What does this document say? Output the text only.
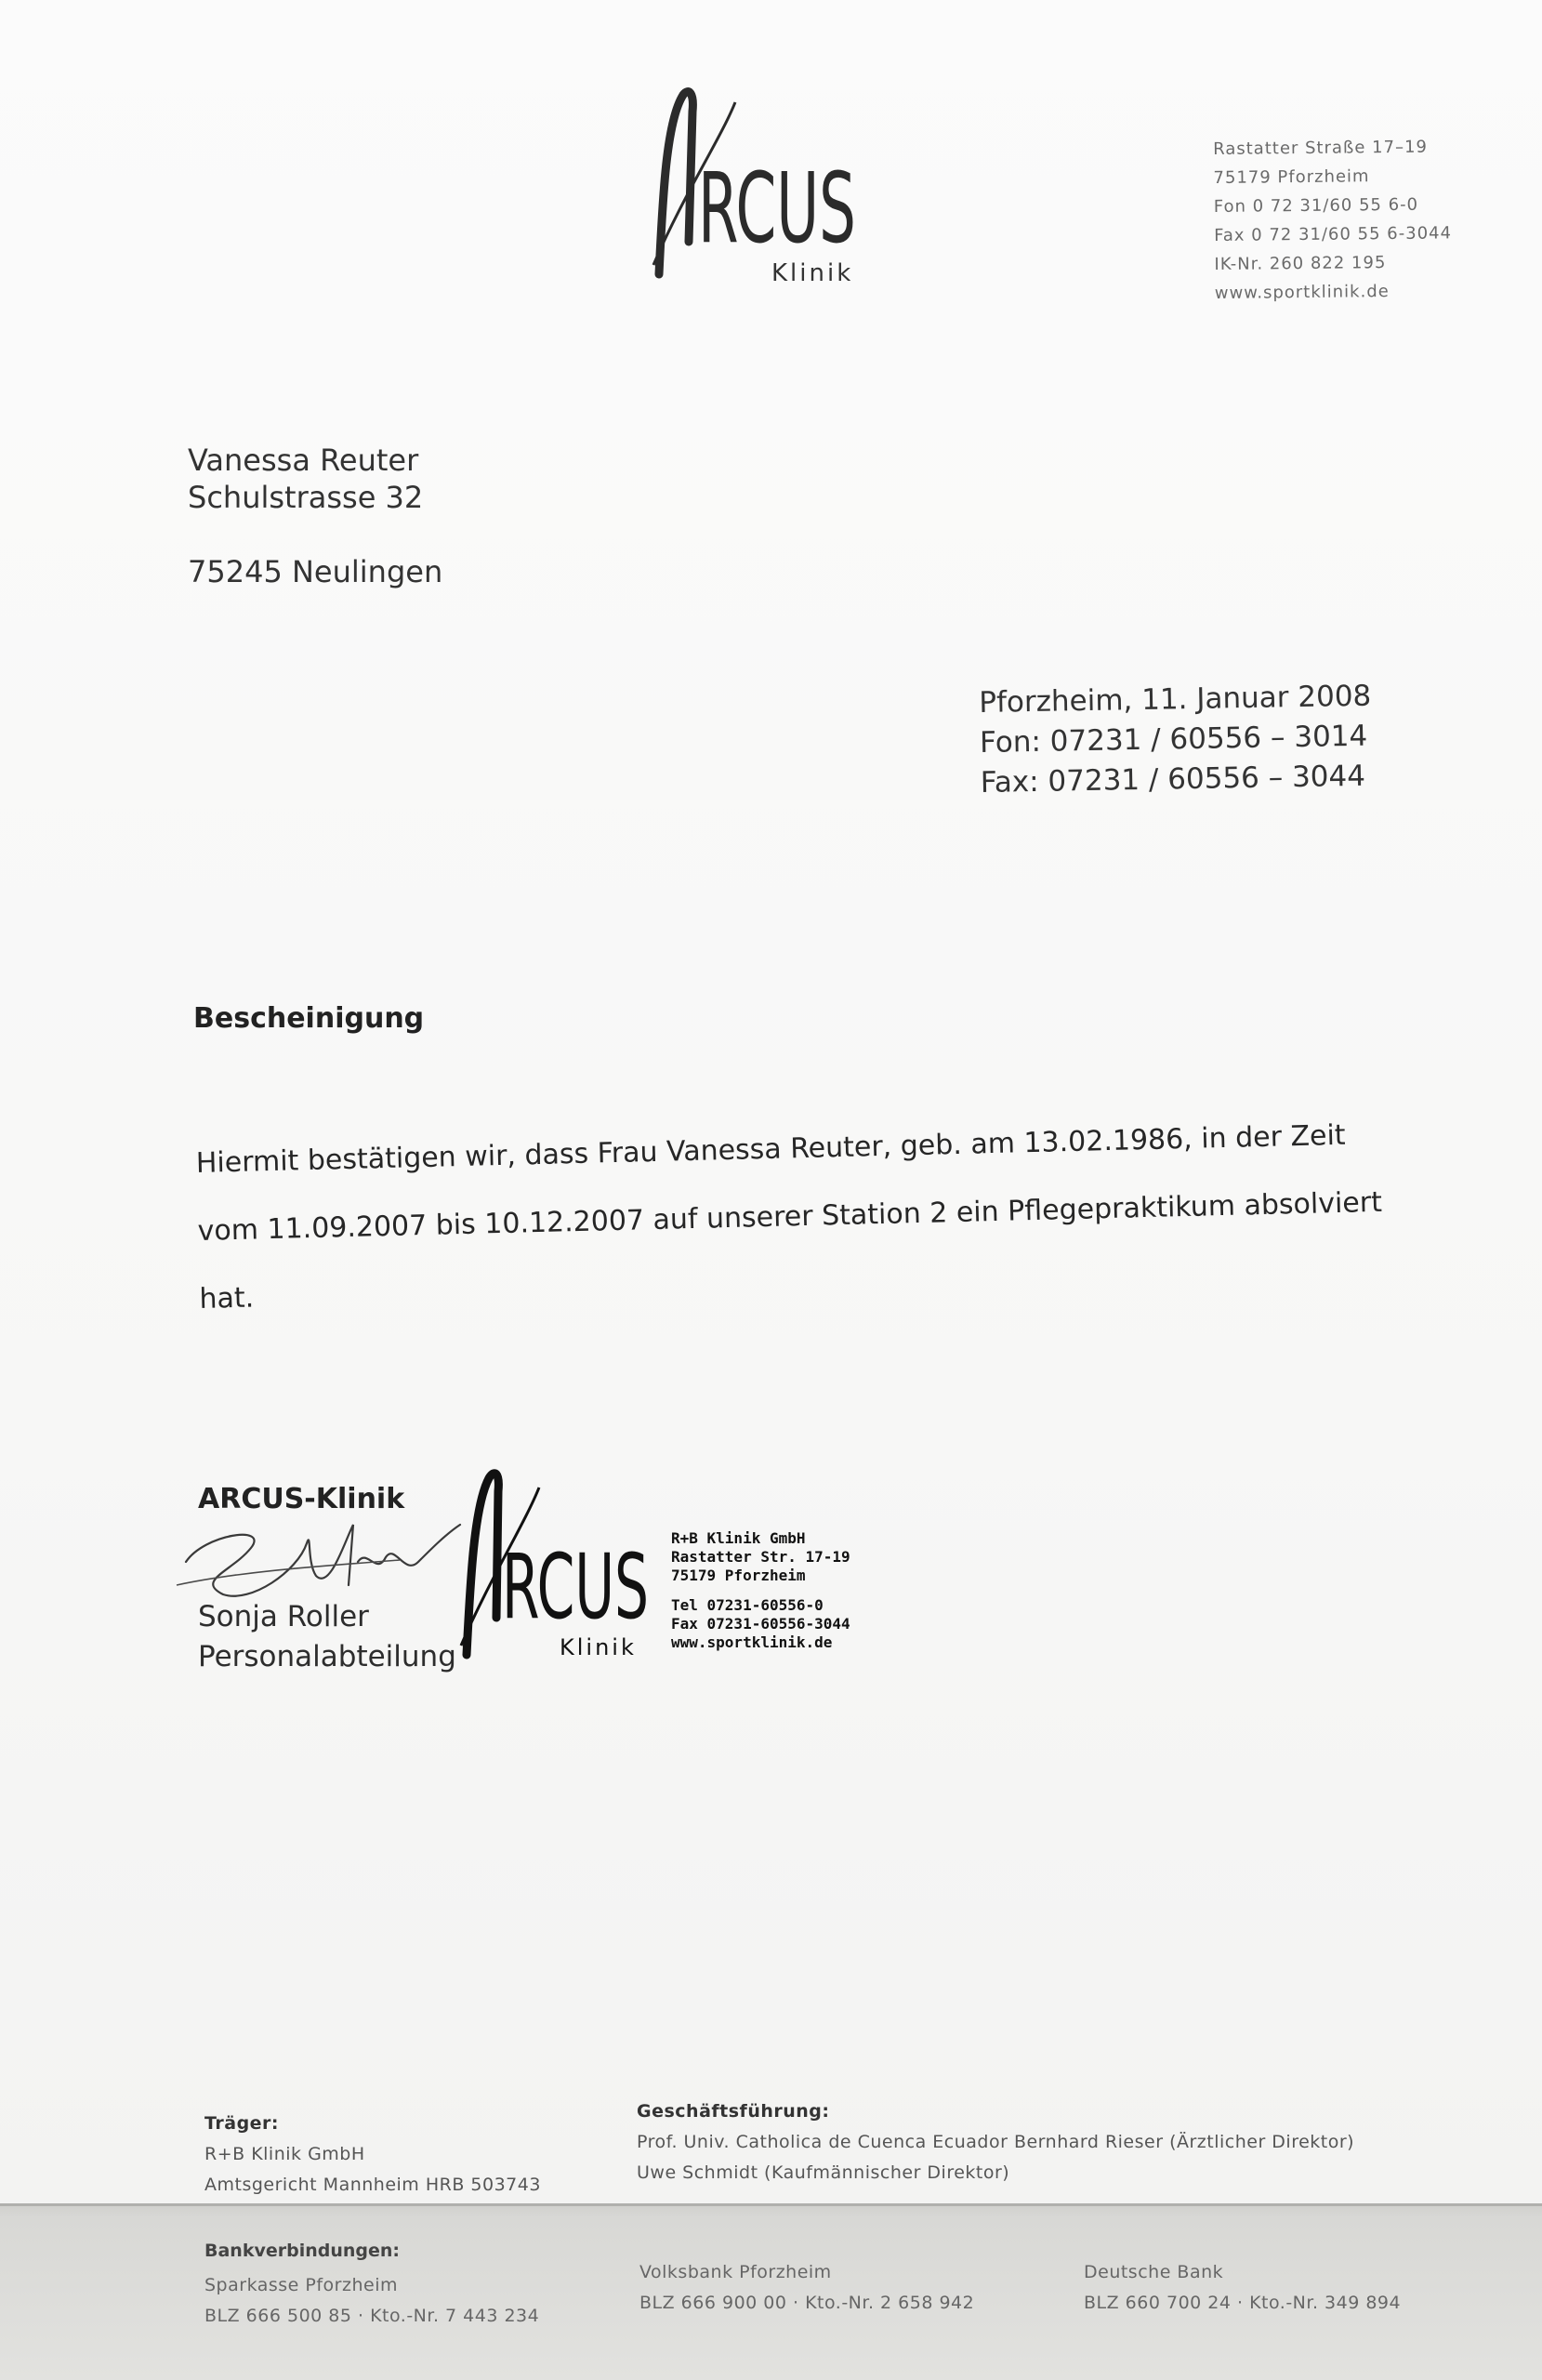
RCUS
Klinik
Rastatter Straße 17–19
75179 Pforzheim
Fon 0 72 31/60 55 6-0
Fax 0 72 31/60 55 6-3044
IK-Nr. 260 822 195
www.sportklinik.de
Vanessa Reuter
Schulstrasse 32
75245 Neulingen
Pforzheim, 11. Januar 2008
Fon: 07231 / 60556 – 3014
Fax: 07231 / 60556 – 3044
Bescheinigung
Hiermit bestätigen wir, dass Frau Vanessa Reuter, geb. am 13.02.1986, in der Zeit
vom 11.09.2007 bis 10.12.2007 auf unserer Station 2 ein Pflegepraktikum absolviert
hat.
ARCUS-Klinik
Sonja Roller
Personalabteilung
RCUS
Klinik
R+B Klinik GmbH
Rastatter Str. 17-19
75179 Pforzheim
Tel 07231-60556-0
Fax 07231-60556-3044
www.sportklinik.de
Träger:
R+B Klinik GmbH
Amtsgericht Mannheim HRB 503743
Geschäftsführung:
Prof. Univ. Catholica de Cuenca Ecuador Bernhard Rieser (Ärztlicher Direktor)
Uwe Schmidt (Kaufmännischer Direktor)
Bankverbindungen:
Sparkasse Pforzheim
BLZ 666 500 85 · Kto.-Nr. 7 443 234
Volksbank Pforzheim
BLZ 666 900 00 · Kto.-Nr. 2 658 942
Deutsche Bank
BLZ 660 700 24 · Kto.-Nr. 349 894
